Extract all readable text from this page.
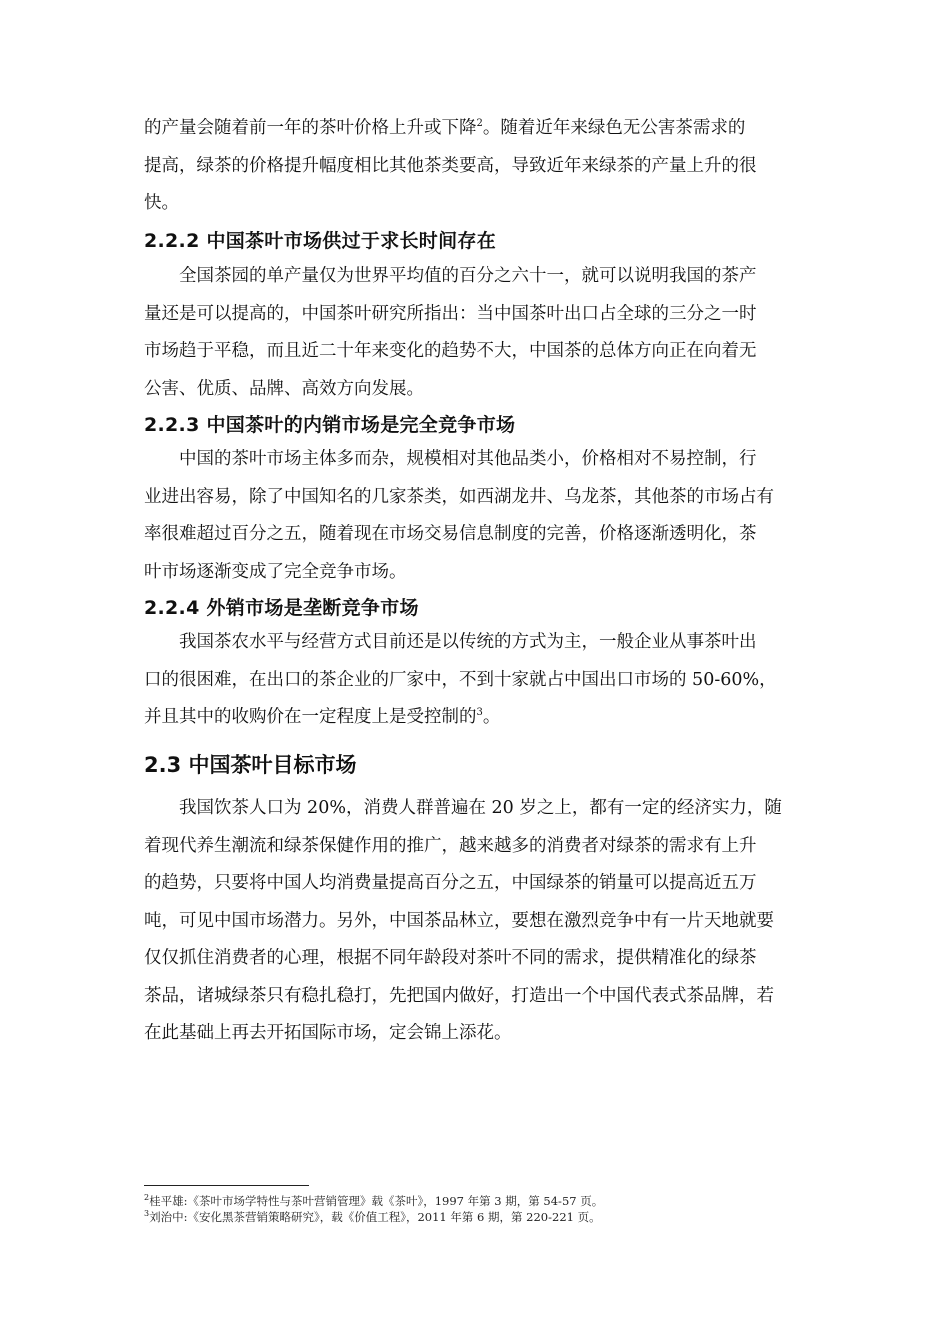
的产量会随着前一年的茶叶价格上升或下降$^2$。随着近年来绿色无公害茶需求的
提高，绿茶的价格提升幅度相比其他茶类要高，导致近年来绿茶的产量上升的很
快。
2.2.2 中国茶叶市场供过于求长时间存在
全国茶园的单产量仅为世界平均值的百分之六十一，就可以说明我国的茶产
量还是可以提高的，中国茶叶研究所指出：当中国茶叶出口占全球的三分之一时
市场趋于平稳，而且近二十年来变化的趋势不大，中国茶的总体方向正在向着无
公害、优质、品牌、高效方向发展。
2.2.3 中国茶叶的内销市场是完全竞争市场
中国的茶叶市场主体多而杂，规模相对其他品类小，价格相对不易控制，行
业进出容易，除了中国知名的几家茶类，如西湖龙井、乌龙茶，其他茶的市场占有
率很难超过百分之五，随着现在市场交易信息制度的完善，价格逐渐透明化，茶
叶市场逐渐变成了完全竞争市场。
2.2.4 外销市场是垄断竞争市场
我国茶农水平与经营方式目前还是以传统的方式为主，一般企业从事茶叶出
口的很困难，在出口的茶企业的厂家中，不到十家就占中国出口市场的 50-60%，
并且其中的收购价在一定程度上是受控制的$^3$。
2.3 中国茶叶目标市场
我国饮茶人口为 20%，消费人群普遍在 20 岁之上，都有一定的经济实力，随
着现代养生潮流和绿茶保健作用的推广，越来越多的消费者对绿茶的需求有上升
的趋势，只要将中国人均消费量提高百分之五，中国绿茶的销量可以提高近五万
吨，可见中国市场潜力。另外，中国茶品林立，要想在激烈竞争中有一片天地就要
仅仅抓住消费者的心理，根据不同年龄段对茶叶不同的需求，提供精准化的绿茶
茶品，诸城绿茶只有稳扎稳打，先把国内做好，打造出一个中国代表式茶品牌，若
在此基础上再去开拓国际市场，定会锦上添花。
$^2$桂平雄:《茶叶市场学特性与茶叶营销管理》载《茶叶》，1997 年第 3 期，第 54-57 页。
$^3$刘治中:《安化黑茶营销策略研究》，载《价值工程》，2011 年第 6 期，第 220-221 页。
